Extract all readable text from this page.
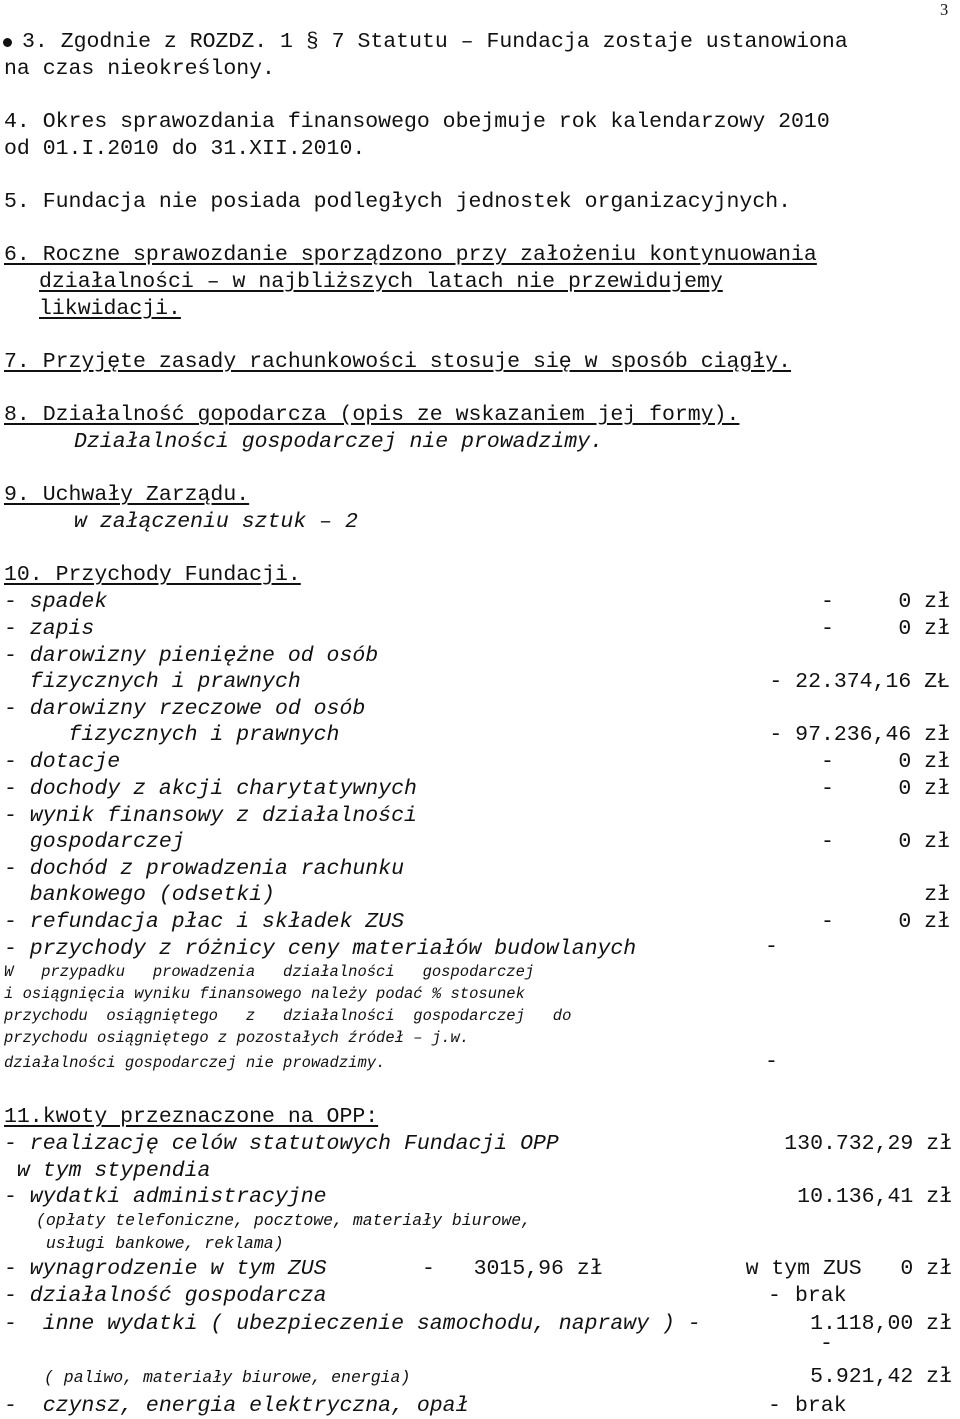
3
3. Zgodnie z ROZDZ. 1 § 7 Statutu – Fundacja zostaje ustanowiona
na czas nieokreślony.
4. Okres sprawozdania finansowego obejmuje rok kalendarzowy 2010
od 01.I.2010 do 31.XII.2010.
5. Fundacja nie posiada podległych jednostek organizacyjnych.
6. Roczne sprawozdanie sporządzono przy założeniu kontynuowania
działalności – w najbliższych latach nie przewidujemy
likwidacji.
7. Przyjęte zasady rachunkowości stosuje się w sposób ciągły.
8. Działalność gopodarcza (opis ze wskazaniem jej formy).
Działalności gospodarczej nie prowadzimy.
9. Uchwały Zarządu.
w załączeniu sztuk – 2
10. Przychody Fundacji.
- spadek	-     0 zł
- zapis	-     0 zł
- darowizny pieniężne od osób
fizycznych i prawnych	- 22.374,16 ZŁ
- darowizny rzeczowe od osób
fizycznych i prawnych	- 97.236,46 zł
- dotacje	-     0 zł
- dochody z akcji charytatywnych	-     0 zł
- wynik finansowy z działalności
gospodarczej	-     0 zł
- dochód z prowadzenia rachunku
bankowego (odsetki)	zł
- refundacja płac i składek ZUS	-     0 zł
- przychody z różnicy ceny materiałów budowlanych	-
W   przypadku   prowadzenia   działalności   gospodarczej
i osiągnięcia wyniku finansowego należy podać % stosunek
przychodu  osiągniętego   z   działalności  gospodarczej   do
przychodu osiągniętego z pozostałych źródeł – j.w.
działalności gospodarczej nie prowadzimy.	-
11.kwoty przeznaczone na OPP:
- realizację celów statutowych Fundacji OPP	130.732,29 zł
w tym stypendia
- wydatki administracyjne	10.136,41 zł
(opłaty telefoniczne, pocztowe, materiały biurowe,
usługi bankowe, reklama)
- wynagrodzenie w tym ZUS	-   3015,96 zł	w tym ZUS   0 zł
- działalność gospodarcza	- brak
-  inne wydatki ( ubezpieczenie samochodu, naprawy ) -	1.118,00 zł
-
( paliwo, materiały biurowe, energia)	5.921,42 zł
-  czynsz, energia elektryczna, opał	- brak
